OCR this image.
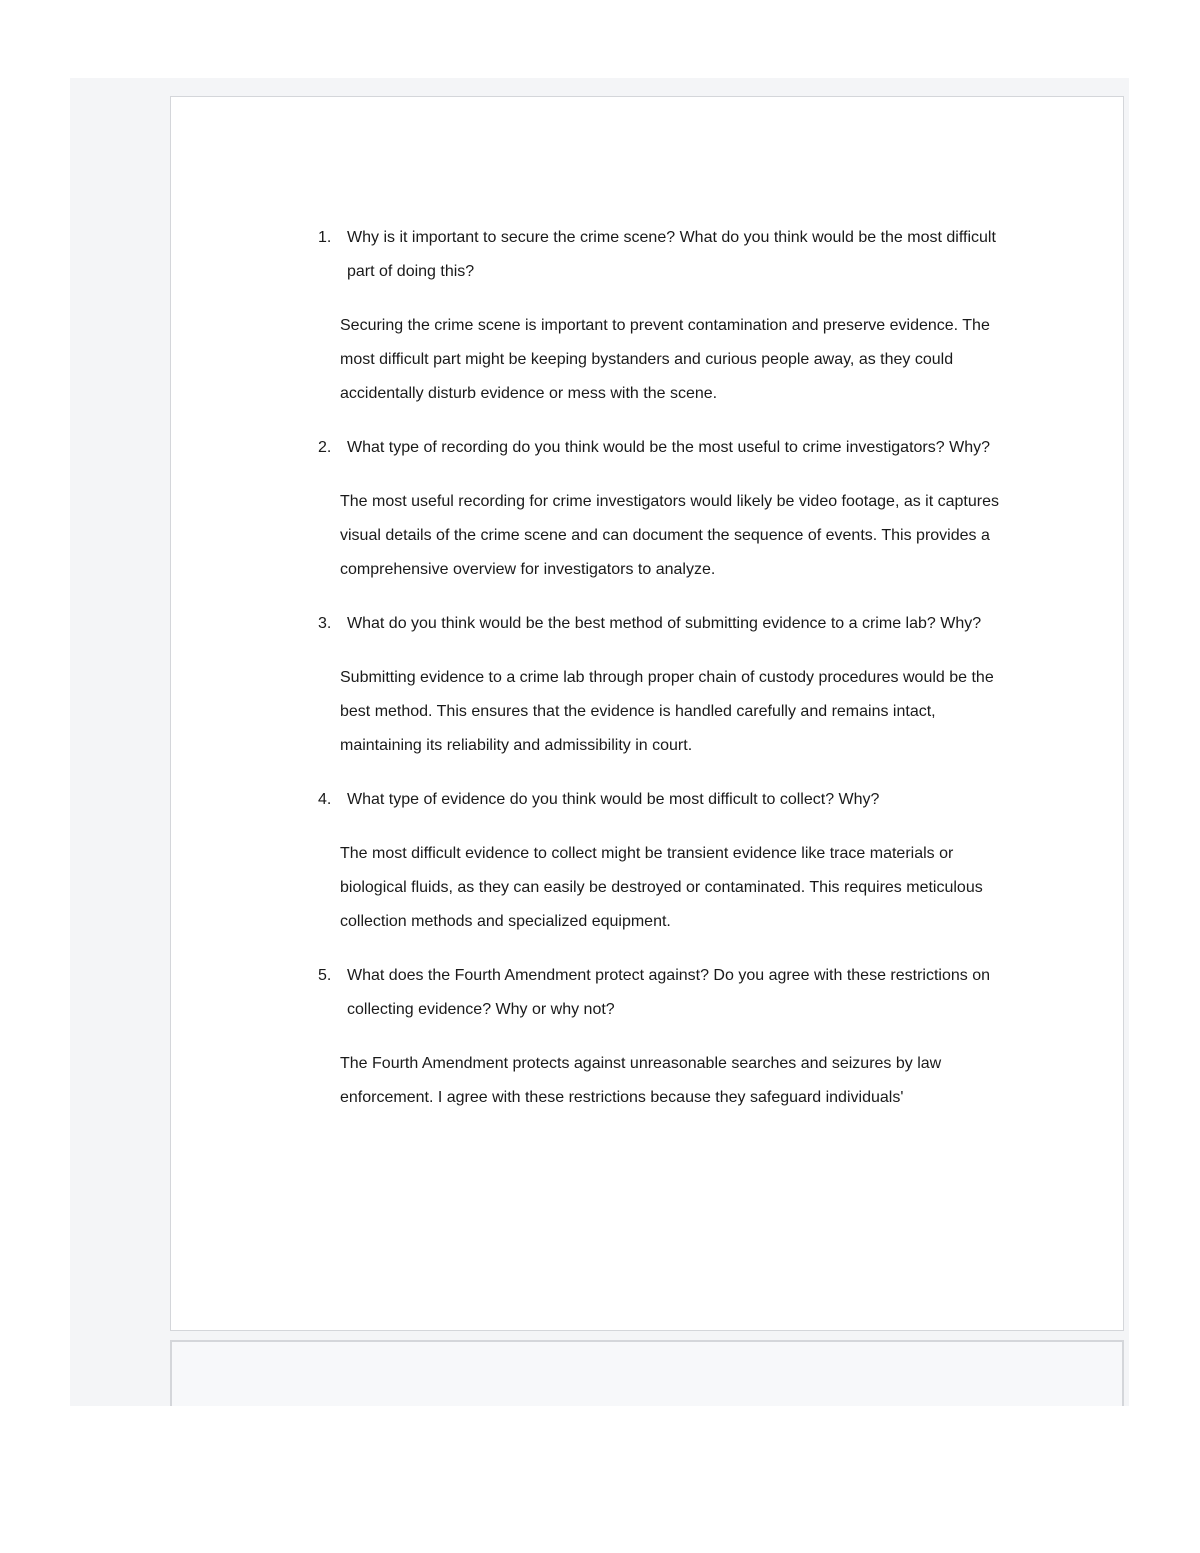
1. Why is it important to secure the crime scene? What do you think would be the most difficult part of doing this?

Securing the crime scene is important to prevent contamination and preserve evidence. The most difficult part might be keeping bystanders and curious people away, as they could accidentally disturb evidence or mess with the scene.

2. What type of recording do you think would be the most useful to crime investigators? Why?

The most useful recording for crime investigators would likely be video footage, as it captures visual details of the crime scene and can document the sequence of events. This provides a comprehensive overview for investigators to analyze.

3. What do you think would be the best method of submitting evidence to a crime lab? Why?

Submitting evidence to a crime lab through proper chain of custody procedures would be the best method. This ensures that the evidence is handled carefully and remains intact, maintaining its reliability and admissibility in court.

4. What type of evidence do you think would be most difficult to collect? Why?

The most difficult evidence to collect might be transient evidence like trace materials or biological fluids, as they can easily be destroyed or contaminated. This requires meticulous collection methods and specialized equipment.

5. What does the Fourth Amendment protect against? Do you agree with these restrictions on collecting evidence? Why or why not?

The Fourth Amendment protects against unreasonable searches and seizures by law enforcement. I agree with these restrictions because they safeguard individuals'
